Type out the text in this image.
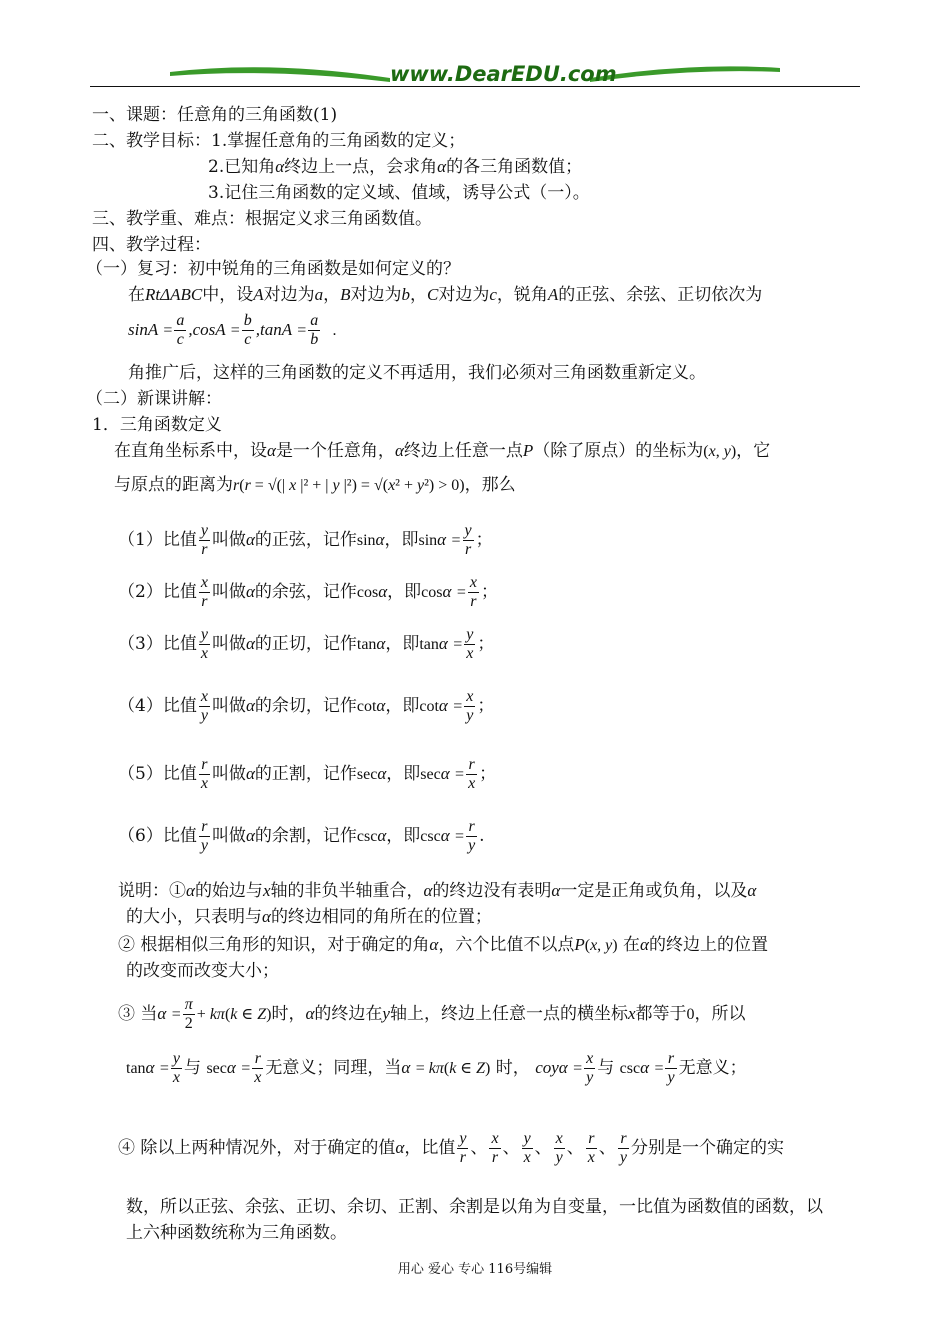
www.DearEDU.com
一、课题：任意角的三角函数(1)
二、教学目标：1.掌握任意角的三角函数的定义；
2.已知角α终边上一点，会求角α的各三角函数值；
3.记住三角函数的定义域、值域，诱导公式（一）。
三、教学重、难点：根据定义求三角函数值。
四、教学过程：
（一）复习：初中锐角的三角函数是如何定义的？
在RtΔABC中，设A对边为a，B对边为b，C对边为c，锐角A的正弦、余弦、正切依次为
$\sin A = \frac{a}{c} ,\cos A = \frac{b}{c} ,\tan A = \frac{a}{b}$ .
角推广后，这样的三角函数的定义不再适用，我们必须对三角函数重新定义。
（二）新课讲解：
1．三角函数定义
在直角坐标系中，设α是一个任意角，α终边上任意一点P（除了原点）的坐标为(x, y)，它
与原点的距离为r(r = √(| x |² + | y |²) = √(x² + y²) > 0)，那么
（1）比值 $\frac{y}{r}$ 叫做α的正弦，记作sinα，即$\sin\alpha = \frac{y}{r}$ ；
（2）比值 $\frac{x}{r}$ 叫做α的余弦，记作cosα，即$\cos\alpha = \frac{x}{r}$ ；
（3）比值 $\frac{y}{x}$ 叫做α的正切，记作tanα，即$\tan\alpha = \frac{y}{x}$ ；
（4）比值 $\frac{x}{y}$ 叫做α的余切，记作cotα，即$\cot\alpha = \frac{x}{y}$ ；
（5）比值 $\frac{r}{x}$ 叫做α的正割，记作secα，即$\sec\alpha = \frac{r}{x}$ ；
（6）比值 $\frac{r}{y}$ 叫做α的余割，记作cscα，即$\csc\alpha = \frac{r}{y}$ .
说明：①α的始边与x轴的非负半轴重合，α的终边没有表明α一定是正角或负角，以及α
的大小，只表明与α的终边相同的角所在的位置；
② 根据相似三角形的知识，对于确定的角α，六个比值不以点P(x, y) 在α的终边上的位置
的改变而改变大小；
③ 当$\alpha = \frac{\pi}{2} + k\pi(k$ ∈ Z)时，α的终边在y轴上，终边上任意一点的横坐标x都等于0，所以
$\tan\alpha = \frac{y}{x}$ 与 $\sec\alpha = \frac{r}{x}$ 无意义；同理，当α = kπ(k ∈ Z) 时， $coy\alpha = \frac{x}{y}$ 与 $\csc\alpha = \frac{r}{y}$ 无意义；
④ 除以上两种情况外，对于确定的值α，比值 $\frac{y}{r}$ 、 $\frac{x}{r}$ 、 $\frac{y}{x}$ 、 $\frac{x}{y}$ 、 $\frac{r}{x}$ 、 $\frac{r}{y}$ 分别是一个确定的实
数，所以正弦、余弦、正切、余切、正割、余割是以角为自变量，一比值为函数值的函数，以
上六种函数统称为三角函数。
用心 爱心 专心 116号编辑
